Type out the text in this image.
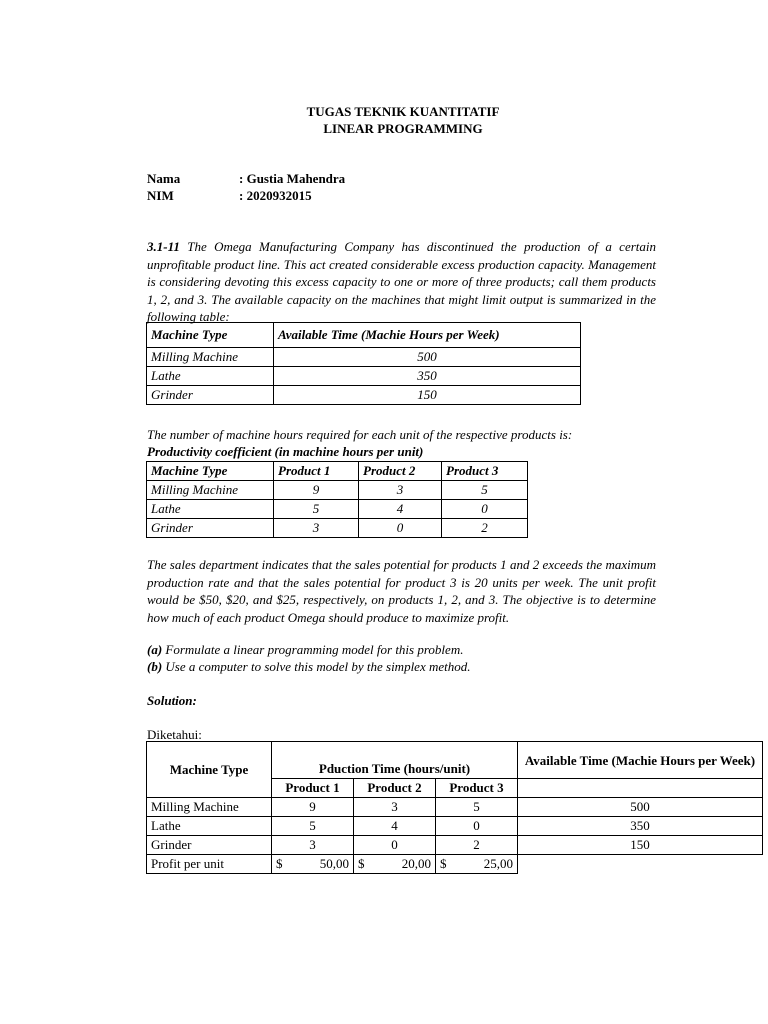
TUGAS TEKNIK KUANTITATIF
LINEAR PROGRAMMING
Nama	: Gustia Mahendra
NIM	: 2020932015

3.1-11 The Omega Manufacturing Company has discontinued the production of a certain unprofitable product line. This act created considerable excess production capacity. Management is considering devoting this excess capacity to one or more of three products; call them products 1, 2, and 3. The available capacity on the machines that might limit output is summarized in the following table:

Machine Type	Available Time (Machie Hours per Week)
Milling Machine	500
Lathe	350
Grinder	150

The number of machine hours required for each unit of the respective products is:

Productivity coefficient (in machine hours per unit)

Machine Type	Product 1	Product 2	Product 3
Milling Machine	9	3	5
Lathe	5	4	0
Grinder	3	0	2

The sales department indicates that the sales potential for products 1 and 2 exceeds the maximum production rate and that the sales potential for product 3 is 20 units per week. The unit profit would be $50, $20, and $25, respectively, on products 1, 2, and 3. The objective is to determine how much of each product Omega should produce to maximize profit.

(a) Formulate a linear programming model for this problem.

(b) Use a computer to solve this model by the simplex method.

Solution:

Diketahui:

Machine Type	Pduction Time (hours/unit)			Available Time (Machie Hours per Week)
	Product 1	Product 2	Product 3	
Milling Machine	9	3	5	500
Lathe	5	4	0	350
Grinder	3	0	2	150
Profit per unit	$ 50,00	$ 20,00	$ 25,00	
